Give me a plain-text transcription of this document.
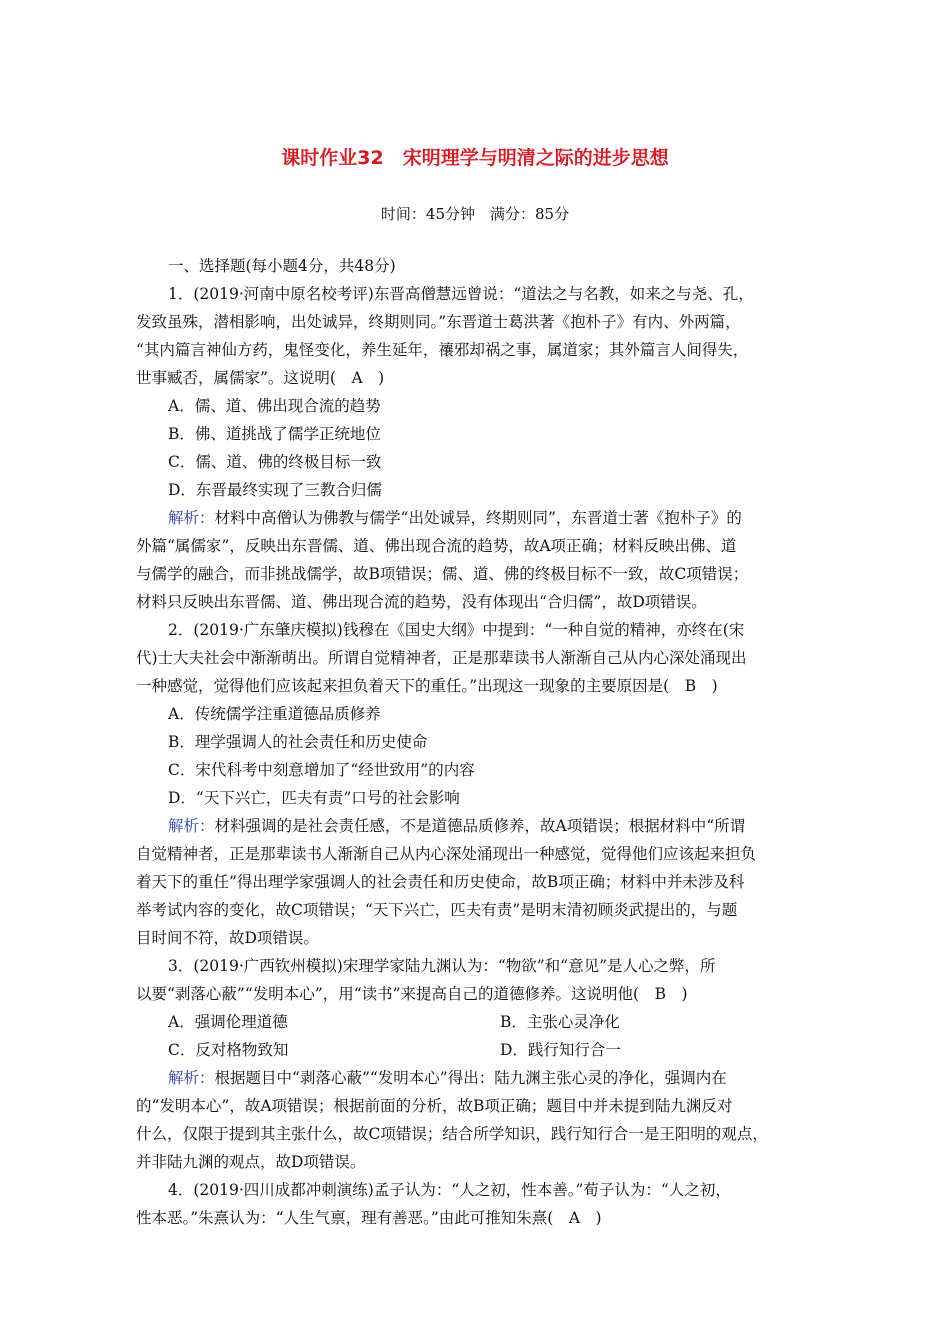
课时作业32　宋明理学与明清之际的进步思想
时间：45分钟　满分：85分
一、选择题(每小题4分，共48分)
1．(2019·河南中原名校考评)东晋高僧慧远曾说：“道法之与名教，如来之与尧、孔，
发致虽殊，潜相影响，出处诚异，终期则同。”东晋道士葛洪著《抱朴子》有内、外两篇，
“其内篇言神仙方药，鬼怪变化，养生延年，禳邪却祸之事，属道家；其外篇言人间得失，
世事臧否，属儒家”。这说明(　A　)
A．儒、道、佛出现合流的趋势
B．佛、道挑战了儒学正统地位
C．儒、道、佛的终极目标一致
D．东晋最终实现了三教合归儒
解析：材料中高僧认为佛教与儒学“出处诚异，终期则同”，东晋道士著《抱朴子》的
外篇“属儒家”，反映出东晋儒、道、佛出现合流的趋势，故A项正确；材料反映出佛、道
与儒学的融合，而非挑战儒学，故B项错误；儒、道、佛的终极目标不一致，故C项错误；
材料只反映出东晋儒、道、佛出现合流的趋势，没有体现出“合归儒”，故D项错误。
2．(2019·广东肇庆模拟)钱穆在《国史大纲》中提到：“一种自觉的精神，亦终在(宋
代)士大夫社会中渐渐萌出。所谓自觉精神者，正是那辈读书人渐渐自己从内心深处涌现出
一种感觉，觉得他们应该起来担负着天下的重任。”出现这一现象的主要原因是(　B　)
A．传统儒学注重道德品质修养
B．理学强调人的社会责任和历史使命
C．宋代科考中刻意增加了“经世致用”的内容
D．“天下兴亡，匹夫有责”口号的社会影响
解析：材料强调的是社会责任感，不是道德品质修养，故A项错误；根据材料中“所谓
自觉精神者，正是那辈读书人渐渐自己从内心深处涌现出一种感觉，觉得他们应该起来担负
着天下的重任”得出理学家强调人的社会责任和历史使命，故B项正确；材料中并未涉及科
举考试内容的变化，故C项错误；“天下兴亡，匹夫有责”是明末清初顾炎武提出的，与题
目时间不符，故D项错误。
3．(2019·广西钦州模拟)宋理学家陆九渊认为：“物欲”和“意见”是人心之弊，所
以要“剥落心蔽”“发明本心”，用“读书”来提高自己的道德修养。这说明他(　B　)
A．强调伦理道德	B．主张心灵净化
C．反对格物致知	D．践行知行合一
解析：根据题目中“剥落心蔽”“发明本心”得出：陆九渊主张心灵的净化，强调内在
的“发明本心”，故A项错误；根据前面的分析，故B项正确；题目中并未提到陆九渊反对
什么，仅限于提到其主张什么，故C项错误；结合所学知识，践行知行合一是王阳明的观点，
并非陆九渊的观点，故D项错误。
4．(2019·四川成都冲刺演练)孟子认为：“人之初，性本善。”荀子认为：“人之初，
性本恶。”朱熹认为：“人生气禀，理有善恶。”由此可推知朱熹(　A　)
